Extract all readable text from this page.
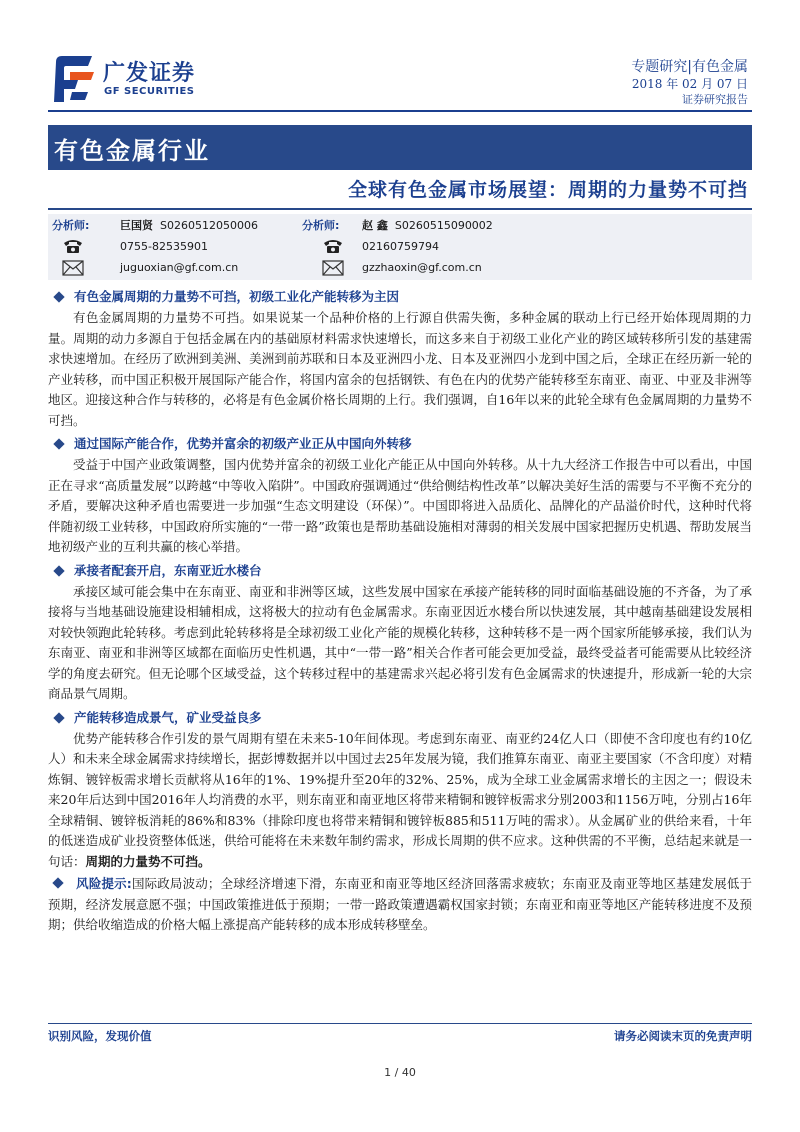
广发证券
GF SECURITIES
专题研究|有色金属
2018 年 02 月 07 日
证券研究报告
有色金属行业
全球有色金属市场展望：周期的力量势不可挡
分析师:	巨国贤 S0260512050006
0755-82535901
juguoxian@gf.com.cn
分析师: 赵 鑫 S0260515090002
02160759794
gzzhaoxin@gf.com.cn
有色金属周期的力量势不可挡，初级工业化产能转移为主因

有色金属周期的力量势不可挡。如果说某一个品种价格的上行源自供需失衡，多种金属的联动上行已经开始体现周期的力量。周期的动力多源自于包括金属在内的基础原材料需求快速增长，而这多来自于初级工业化产业的跨区域转移所引发的基建需求快速增加。在经历了欧洲到美洲、美洲到前苏联和日本及亚洲四小龙、日本及亚洲四小龙到中国之后，全球正在经历新一轮的产业转移，而中国正积极开展国际产能合作，将国内富余的包括钢铁、有色在内的优势产能转移至东南亚、南亚、中亚及非洲等地区。迎接这种合作与转移的，必将是有色金属价格长周期的上行。我们强调，自16年以来的此轮全球有色金属周期的力量势不可挡。

通过国际产能合作，优势并富余的初级产业正从中国向外转移

受益于中国产业政策调整，国内优势并富余的初级工业化产能正从中国向外转移。从十九大经济工作报告中可以看出，中国正在寻求“高质量发展”以跨越“中等收入陷阱”。中国政府强调通过“供给侧结构性改革”以解决美好生活的需要与不平衡不充分的矛盾，要解决这种矛盾也需要进一步加强“生态文明建设（环保）”。中国即将进入品质化、品牌化的产品溢价时代，这种时代将伴随初级工业转移，中国政府所实施的“一带一路”政策也是帮助基础设施相对薄弱的相关发展中国家把握历史机遇、帮助发展当地初级产业的互利共赢的核心举措。

承接者配套开启，东南亚近水楼台

承接区域可能会集中在东南亚、南亚和非洲等区域，这些发展中国家在承接产能转移的同时面临基础设施的不齐备，为了承接将与当地基础设施建设相辅相成，这将极大的拉动有色金属需求。东南亚因近水楼台所以快速发展，其中越南基础建设发展相对较快领跑此轮转移。考虑到此轮转移将是全球初级工业化产能的规模化转移，这种转移不是一两个国家所能够承接，我们认为东南亚、南亚和非洲等区域都在面临历史性机遇，其中“一带一路”相关合作者可能会更加受益，最终受益者可能需要从比较经济学的角度去研究。但无论哪个区域受益，这个转移过程中的基建需求兴起必将引发有色金属需求的快速提升，形成新一轮的大宗商品景气周期。

产能转移造成景气，矿业受益良多

优势产能转移合作引发的景气周期有望在未来5-10年间体现。考虑到东南亚、南亚约24亿人口（即使不含印度也有约10亿人）和未来全球金属需求持续增长，据彭博数据并以中国过去25年发展为镜，我们推算东南亚、南亚主要国家（不含印度）对精炼铜、镀锌板需求增长贡献将从16年的1%、19%提升至20年的32%、25%，成为全球工业金属需求增长的主因之一；假设未来20年后达到中国2016年人均消费的水平，则东南亚和南亚地区将带来精铜和镀锌板需求分别2003和1156万吨，分别占16年全球精铜、镀锌板消耗的86%和83%（排除印度也将带来精铜和镀锌板885和511万吨的需求）。从金属矿业的供给来看，十年的低迷造成矿业投资整体低迷，供给可能将在未来数年制约需求，形成长周期的供不应求。这种供需的不平衡，总结起来就是一句话：周期的力量势不可挡。

风险提示:国际政局波动；全球经济增速下滑，东南亚和南亚等地区经济回落需求疲软；东南亚及南亚等地区基建发展低于预期，经济发展意愿不强；中国政策推进低于预期；一带一路政策遭遇霸权国家封锁；东南亚和南亚等地区产能转移进度不及预期；供给收缩造成的价格大幅上涨提高产能转移的成本形成转移壁垒。

识别风险，发现价值	请务必阅读末页的免责声明
1 / 40
